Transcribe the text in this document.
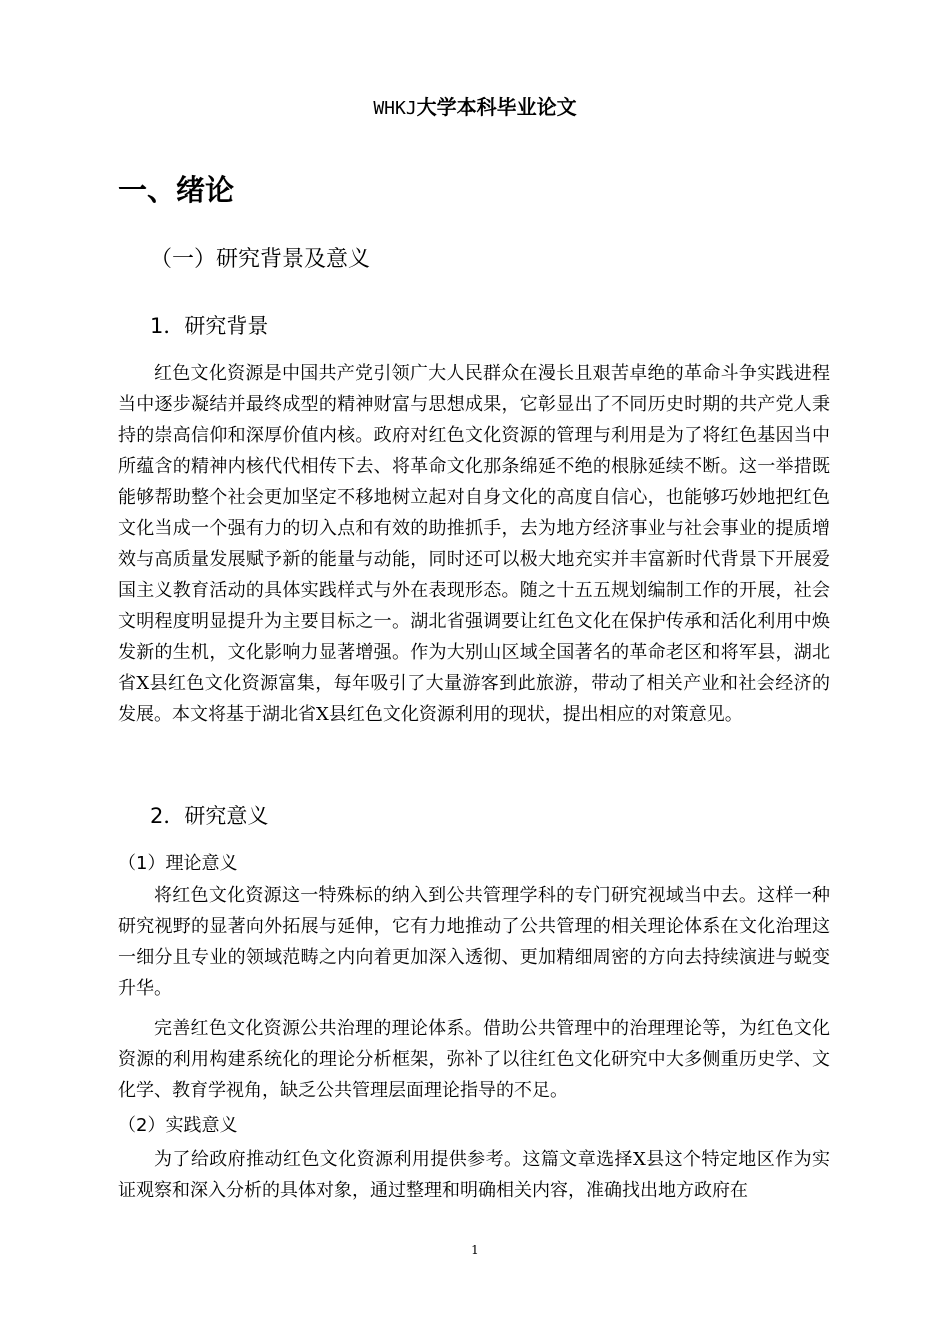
WHKJ大学本科毕业论文
一、绪论
（一）研究背景及意义
1．研究背景

红色文化资源是中国共产党引领广大人民群众在漫长且艰苦卓绝的革命斗争实践进程当中逐步凝结并最终成型的精神财富与思想成果，它彰显出了不同历史时期的共产党人秉持的崇高信仰和深厚价值内核。政府对红色文化资源的管理与利用是为了将红色基因当中所蕴含的精神内核代代相传下去、将革命文化那条绵延不绝的根脉延续不断。这一举措既能够帮助整个社会更加坚定不移地树立起对自身文化的高度自信心，也能够巧妙地把红色文化当成一个强有力的切入点和有效的助推抓手，去为地方经济事业与社会事业的提质增效与高质量发展赋予新的能量与动能，同时还可以极大地充实并丰富新时代背景下开展爱国主义教育活动的具体实践样式与外在表现形态。随之十五五规划编制工作的开展，社会文明程度明显提升为主要目标之一。湖北省强调要让红色文化在保护传承和活化利用中焕发新的生机，文化影响力显著增强。作为大别山区域全国著名的革命老区和将军县，湖北省X县红色文化资源富集，每年吸引了大量游客到此旅游，带动了相关产业和社会经济的发展。本文将基于湖北省X县红色文化资源利用的现状，提出相应的对策意见。

2．研究意义
（1）理论意义

将红色文化资源这一特殊标的纳入到公共管理学科的专门研究视域当中去。这样一种研究视野的显著向外拓展与延伸，它有力地推动了公共管理的相关理论体系在文化治理这一细分且专业的领域范畴之内向着更加深入透彻、更加精细周密的方向去持续演进与蜕变升华。

完善红色文化资源公共治理的理论体系。借助公共管理中的治理理论等，为红色文化资源的利用构建系统化的理论分析框架，弥补了以往红色文化研究中大多侧重历史学、文化学、教育学视角，缺乏公共管理层面理论指导的不足。

（2）实践意义

为了给政府推动红色文化资源利用提供参考。这篇文章选择X县这个特定地区作为实证观察和深入分析的具体对象，通过整理和明确相关内容，准确找出地方政府在

1
